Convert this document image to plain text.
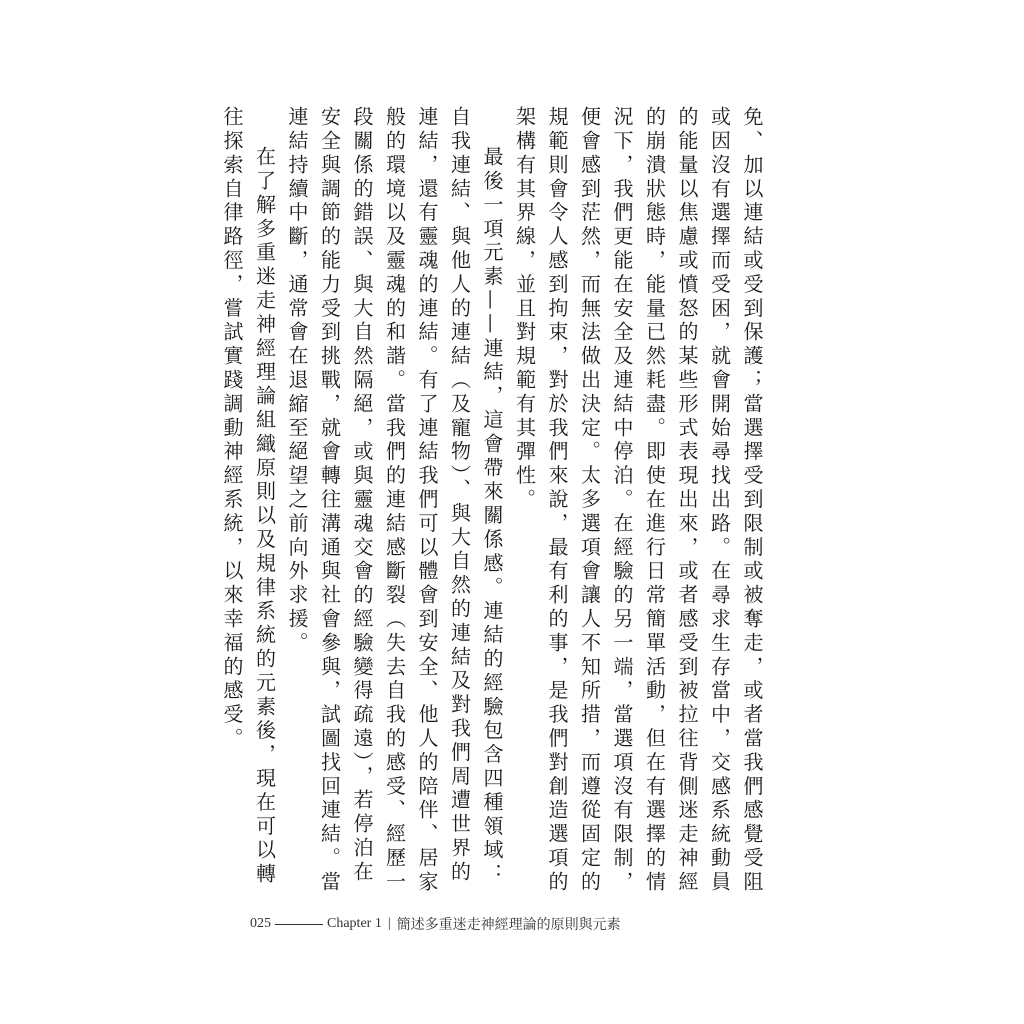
免、加以連結或受到保護；當選擇受到限制或被奪走，或者當我們感覺受阻或因沒有選擇而受困，就會開始尋找出路。在尋求生存當中，交感系統動員的能量以焦慮或憤怒的某些形式表現出來，或者感受到被拉往背側迷走神經的崩潰狀態時，能量已然耗盡。即使在進行日常簡單活動，但在有選擇的情況下，我們更能在安全及連結中停泊。在經驗的另一端，當選項沒有限制，便會感到茫然，而無法做出決定。太多選項會讓人不知所措，而遵從固定的規範則會令人感到拘束，對於我們來說，最有利的事，是我們對創造選項的架構有其界線，並且對規範有其彈性。

最後一項元素——連結，這會帶來關係感。連結的經驗包含四種領域：自我連結、與他人的連結（及寵物）、與大自然的連結及對我們周遭世界的連結，還有靈魂的連結。有了連結我們可以體會到安全、他人的陪伴、居家般的環境以及靈魂的和諧。當我們的連結感斷裂（失去自我的感受、經歷一段關係的錯誤、與大自然隔絕，或與靈魂交會的經驗變得疏遠），若停泊在安全與調節的能力受到挑戰，就會轉往溝通與社會參與，試圖找回連結。當連結持續中斷，通常會在退縮至絕望之前向外求援。

在了解多重迷走神經理論組織原則以及規律系統的元素後，現在可以轉往探索自律路徑，嘗試實踐調動神經系統，以來幸福的感受。

025	Chapter 1 | 簡述多重迷走神經理論的原則與元素
